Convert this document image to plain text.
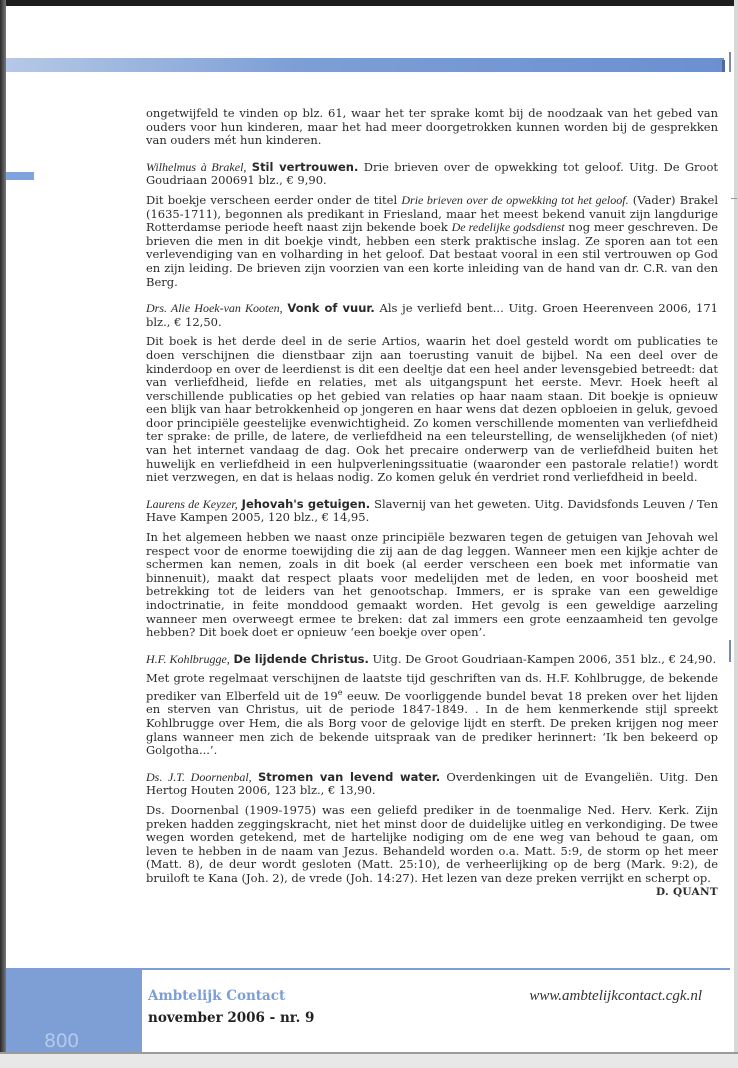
ongetwijfeld te vinden op blz. 61, waar het ter sprake komt bij de noodzaak van het gebed van ouders voor hun kinderen, maar het had meer doorgetrokken kunnen worden bij de gesprekken van ouders mét hun kinderen.

Wilhelmus à Brakel, Stil vertrouwen. Drie brieven over de opwekking tot geloof. Uitg. De Groot Goudriaan 200691 blz., € 9,90.

Dit boekje verscheen eerder onder de titel Drie brieven over de opwekking tot het geloof. (Vader) Brakel (1635-1711), begonnen als predikant in Friesland, maar het meest bekend vanuit zijn langdurige Rotterdamse periode heeft naast zijn bekende boek De redelijke godsdienst nog meer geschreven. De brieven die men in dit boekje vindt, hebben een sterk praktische inslag. Ze sporen aan tot een verlevendiging van en volharding in het geloof. Dat bestaat vooral in een stil vertrouwen op God en zijn leiding. De brieven zijn voorzien van een korte inleiding van de hand van dr. C.R. van den Berg.

Drs. Alie Hoek-van Kooten, Vonk of vuur. Als je verliefd bent... Uitg. Groen Heerenveen 2006, 171 blz., € 12,50.

Dit boek is het derde deel in de serie Artios, waarin het doel gesteld wordt om publicaties te doen verschijnen die dienstbaar zijn aan toerusting vanuit de bijbel. Na een deel over de kinderdoop en over de leerdienst is dit een deeltje dat een heel ander levensgebied betreedt: dat van verliefdheid, liefde en relaties, met als uitgangspunt het eerste. Mevr. Hoek heeft al verschillende publicaties op het gebied van relaties op haar naam staan. Dit boekje is opnieuw een blijk van haar betrokkenheid op jongeren en haar wens dat dezen opbloeien in geluk, gevoed door principiële geestelijke evenwichtigheid. Zo komen verschillende momenten van verliefdheid ter sprake: de prille, de latere, de verliefdheid na een teleurstelling, de wenselijkheden (of niet) van het internet vandaag de dag. Ook het precaire onderwerp van de verliefdheid buiten het huwelijk en verliefdheid in een hulpverleningssituatie (waaronder een pastorale relatie!) wordt niet verzwegen, en dat is helaas nodig. Zo komen geluk én verdriet rond verliefdheid in beeld.

Laurens de Keyzer, Jehovah's getuigen. Slavernij van het geweten. Uitg. Davidsfonds Leuven / Ten Have Kampen 2005, 120 blz., € 14,95.

In het algemeen hebben we naast onze principiële bezwaren tegen de getuigen van Jehovah wel respect voor de enorme toewijding die zij aan de dag leggen. Wanneer men een kijkje achter de schermen kan nemen, zoals in dit boek (al eerder verscheen een boek met informatie van binnenuit), maakt dat respect plaats voor medelijden met de leden, en voor boosheid met betrekking tot de leiders van het genootschap. Immers, er is sprake van een geweldige indoctrinatie, in feite monddood gemaakt worden. Het gevolg is een geweldige aarzeling wanneer men overweegt ermee te breken: dat zal immers een grote eenzaamheid ten gevolge hebben? Dit boek doet er opnieuw ‘een boekje over open’.

H.F. Kohlbrugge, De lijdende Christus. Uitg. De Groot Goudriaan-Kampen 2006, 351 blz., € 24,90.

Met grote regelmaat verschijnen de laatste tijd geschriften van ds. H.F. Kohlbrugge, de bekende prediker van Elberfeld uit de 19e eeuw. De voorliggende bundel bevat 18 preken over het lijden en sterven van Christus, uit de periode 1847-1849. . In de hem kenmerkende stijl spreekt Kohlbrugge over Hem, die als Borg voor de gelovige lijdt en sterft. De preken krijgen nog meer glans wanneer men zich de bekende uitspraak van de prediker herinnert: ‘Ik ben bekeerd op Golgotha...’.

Ds. J.T. Doornenbal, Stromen van levend water. Overdenkingen uit de Evangeliën. Uitg. Den Hertog Houten 2006, 123 blz., € 13,90.

Ds. Doornenbal (1909-1975) was een geliefd prediker in de toenmalige Ned. Herv. Kerk. Zijn preken hadden zeggingskracht, niet het minst door de duidelijke uitleg en verkondiging. De twee wegen worden getekend, met de hartelijke nodiging om de ene weg van behoud te gaan, om leven te hebben in de naam van Jezus. Behandeld worden o.a. Matt. 5:9, de storm op het meer (Matt. 8), de deur wordt gesloten (Matt. 25:10), de verheerlijking op de berg (Mark. 9:2), de bruiloft te Kana (Joh. 2), de vrede (Joh. 14:27). Het lezen van deze preken verrijkt en scherpt op.

D. QUANT

800
Ambtelijk Contact
november 2006 - nr. 9
www.ambtelijkcontact.cgk.nl
